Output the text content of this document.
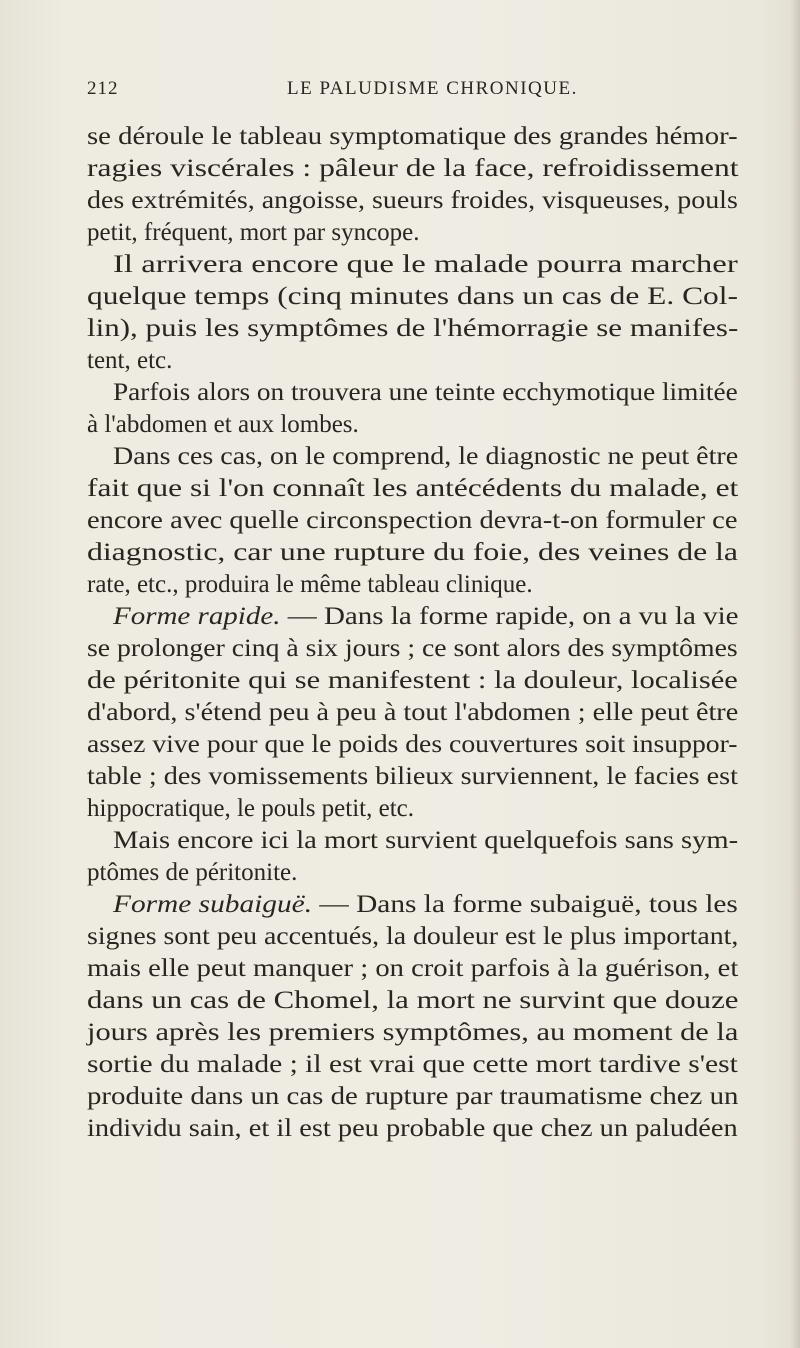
212	LE PALUDISME CHRONIQUE.
se déroule le tableau symptomatique des grandes hémor-
ragies viscérales : pâleur de la face, refroidissement
des extrémités, angoisse, sueurs froides, visqueuses, pouls
petit, fréquent, mort par syncope.
Il arrivera encore que le malade pourra marcher
quelque temps (cinq minutes dans un cas de E. Col-
lin), puis les symptômes de l'hémorragie se manifes-
tent, etc.
Parfois alors on trouvera une teinte ecchymotique limitée
à l'abdomen et aux lombes.
Dans ces cas, on le comprend, le diagnostic ne peut être
fait que si l'on connaît les antécédents du malade, et
encore avec quelle circonspection devra-t-on formuler ce
diagnostic, car une rupture du foie, des veines de la
rate, etc., produira le même tableau clinique.
Forme rapide. — Dans la forme rapide, on a vu la vie
se prolonger cinq à six jours ; ce sont alors des symptômes
de péritonite qui se manifestent : la douleur, localisée
d'abord, s'étend peu à peu à tout l'abdomen ; elle peut être
assez vive pour que le poids des couvertures soit insuppor-
table ; des vomissements bilieux surviennent, le facies est
hippocratique, le pouls petit, etc.
Mais encore ici la mort survient quelquefois sans sym-
ptômes de péritonite.
Forme subaiguë. — Dans la forme subaiguë, tous les
signes sont peu accentués, la douleur est le plus important,
mais elle peut manquer ; on croit parfois à la guérison, et
dans un cas de Chomel, la mort ne survint que douze
jours après les premiers symptômes, au moment de la
sortie du malade ; il est vrai que cette mort tardive s'est
produite dans un cas de rupture par traumatisme chez un
individu sain, et il est peu probable que chez un paludéen
